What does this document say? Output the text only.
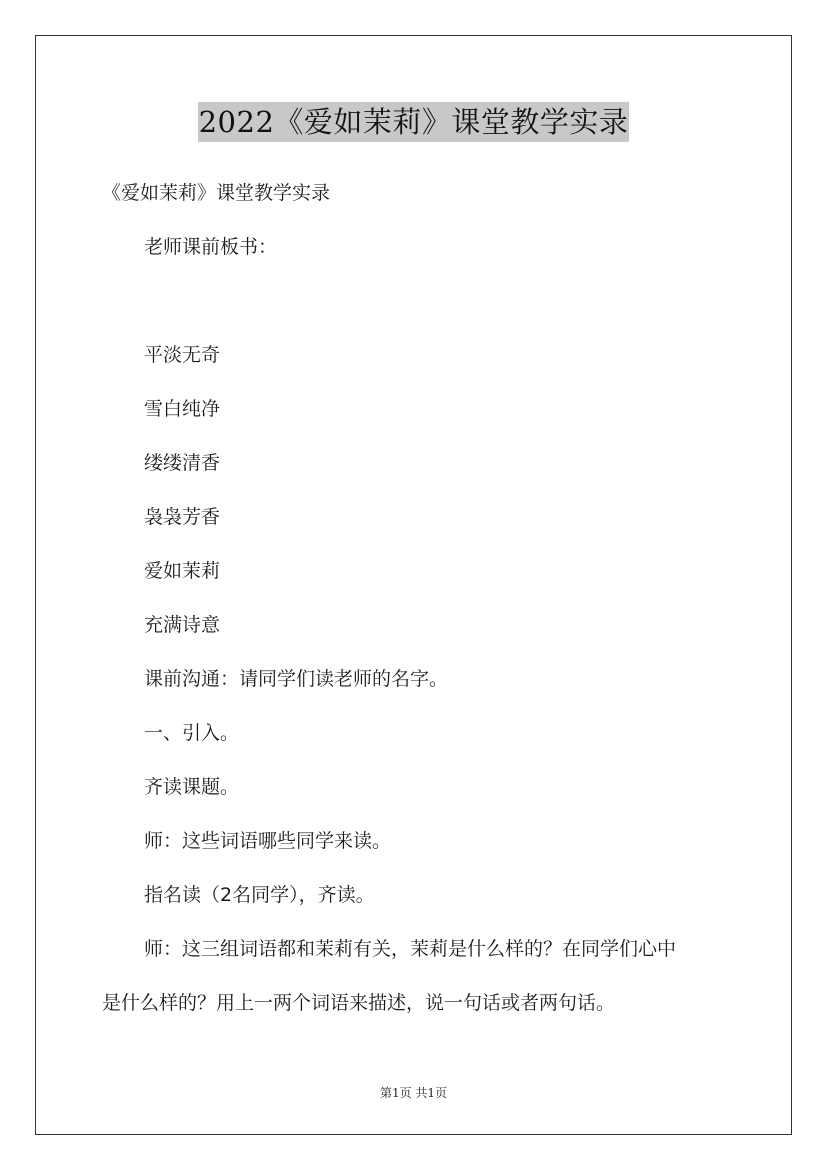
2022《爱如茉莉》课堂教学实录
《爱如茉莉》课堂教学实录
老师课前板书：
平淡无奇
雪白纯净
缕缕清香
袅袅芳香
爱如茉莉
充满诗意
课前沟通：请同学们读老师的名字。
一、引入。
齐读课题。
师：这些词语哪些同学来读。
指名读（2名同学），齐读。
师：这三组词语都和茉莉有关，茉莉是什么样的？在同学们心中
是什么样的？用上一两个词语来描述，说一句话或者两句话。
第1页 共1页
